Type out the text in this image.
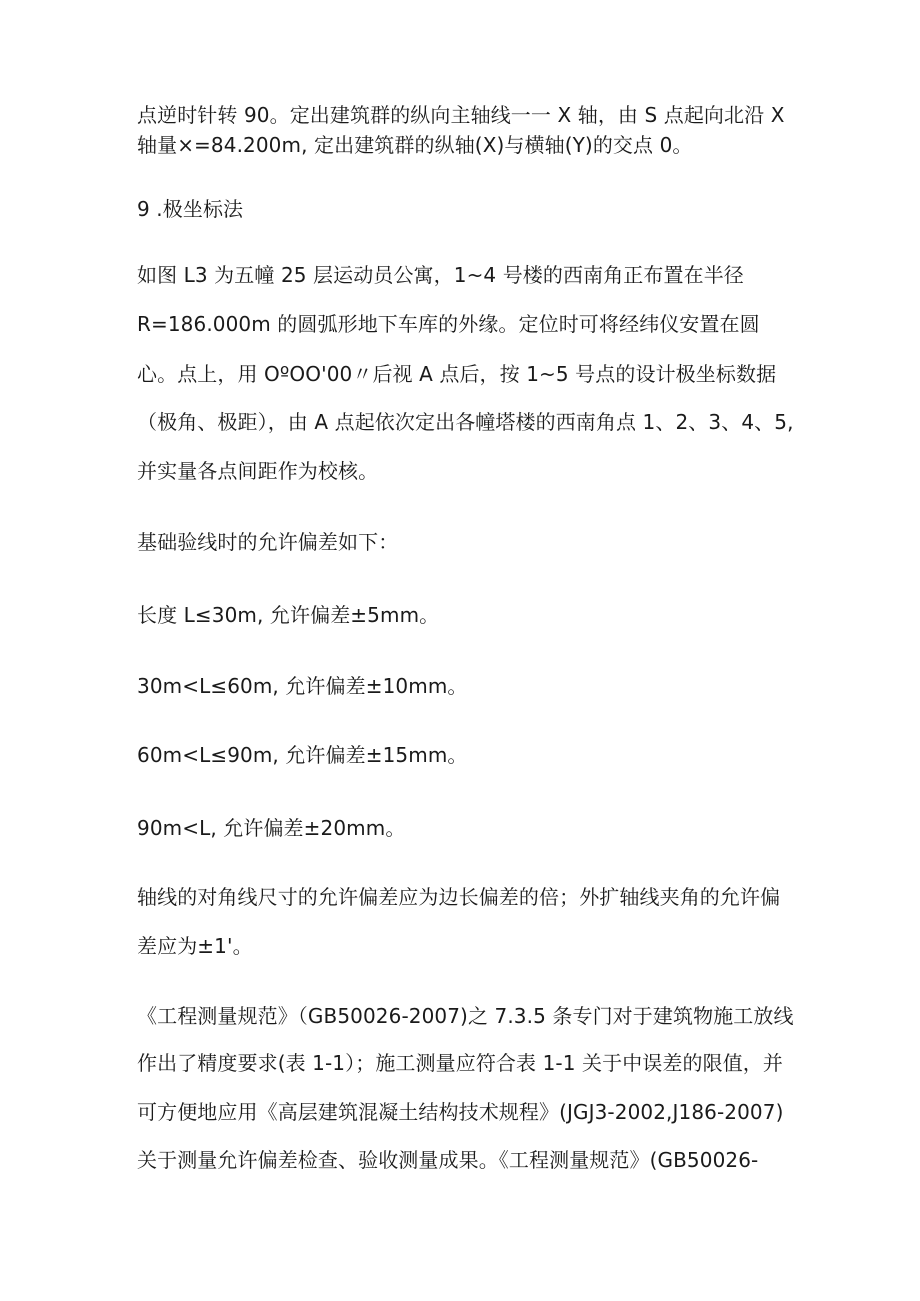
点逆时针转 90。定出建筑群的纵向主轴线一一 X 轴，由 S 点起向北沿 X

轴量×=84.200m, 定出建筑群的纵轴(X)与横轴(Y)的交点 0。

9 .极坐标法

如图 L3 为五幢 25 层运动员公寓，1~4 号楼的西南角正布置在半径

R=186.000m 的圆弧形地下车库的外缘。定位时可将经纬仪安置在圆

心。点上，用 OºOO'00〃后视 A 点后，按 1~5 号点的设计极坐标数据

（极角、极距），由 A 点起依次定出各幢塔楼的西南角点 1、2、3、4、5,

并实量各点间距作为校核。

基础验线时的允许偏差如下：

长度 L≤30m, 允许偏差±5mm。

30m<L≤60m, 允许偏差±10mm。

60m<L≤90m, 允许偏差±15mm。

90m<L, 允许偏差±20mm。

轴线的对角线尺寸的允许偏差应为边长偏差的倍；外扩轴线夹角的允许偏

差应为±1'。

《工程测量规范》（GB50026-2007)之 7.3.5 条专门对于建筑物施工放线

作出了精度要求(表 1-1）；施工测量应符合表 1-1 关于中误差的限值，并

可方便地应用《高层建筑混凝土结构技术规程》(JGJ3-2002,J186-2007)

关于测量允许偏差检查、验收测量成果。《工程测量规范》(GB50026-
